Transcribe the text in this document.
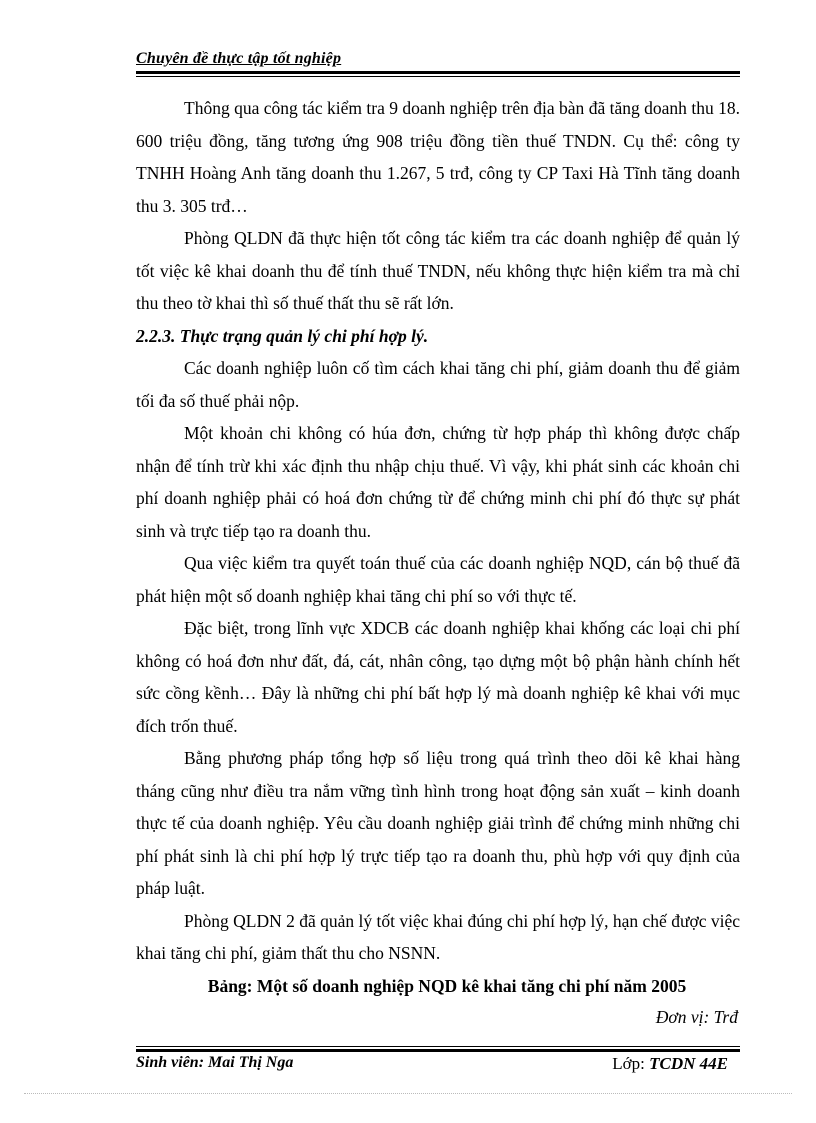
Chuyên đề thực tập tốt nghiệp

Thông qua công tác kiểm tra 9 doanh nghiệp trên địa bàn đã tăng doanh thu 18. 600 triệu đồng, tăng tương ứng 908 triệu đồng tiền thuế TNDN. Cụ thể: công ty TNHH Hoàng Anh tăng doanh thu 1.267, 5 trđ, công ty CP Taxi Hà Tĩnh tăng doanh thu 3. 305 trđ…

Phòng QLDN đã thực hiện tốt công tác kiểm tra các doanh nghiệp để quản lý tốt việc kê khai doanh thu để tính thuế TNDN, nếu không thực hiện kiểm tra mà chỉ thu theo tờ khai thì số thuế thất thu sẽ rất lớn.

2.2.3. Thực trạng quản lý chi phí hợp lý.

Các doanh nghiệp luôn cố tìm cách khai tăng chi phí, giảm doanh thu để giảm tối đa số thuế phải nộp.

Một khoản chi không có húa đơn, chứng từ hợp pháp thì không được chấp nhận để tính trừ khi xác định thu nhập chịu thuế. Vì vậy, khi phát sinh các khoản chi phí doanh nghiệp phải có hoá đơn chứng từ để chứng minh chi phí đó thực sự phát sinh và trực tiếp tạo ra doanh thu.

Qua việc kiểm tra quyết toán thuế của các doanh nghiệp NQD, cán bộ thuế đã phát hiện một số doanh nghiệp khai tăng chi phí so với thực tế.

Đặc biệt, trong lĩnh vực XDCB các doanh nghiệp khai khống các loại chi phí không có hoá đơn như đất, đá, cát, nhân công, tạo dựng một bộ phận hành chính hết sức cồng kềnh… Đây là những chi phí bất hợp lý mà doanh nghiệp kê khai với mục đích trốn thuế.

Bằng phương pháp tổng hợp số liệu trong quá trình theo dõi kê khai hàng tháng cũng như điều tra nắm vững tình hình trong hoạt động sản xuất – kinh doanh thực tế của doanh nghiệp. Yêu cầu doanh nghiệp giải trình để chứng minh những chi phí phát sinh là chi phí hợp lý trực tiếp tạo ra doanh thu, phù hợp với quy định của pháp luật.

Phòng QLDN 2 đã quản lý tốt việc khai đúng chi phí hợp lý, hạn chế được việc khai tăng chi phí, giảm thất thu cho NSNN.

Bảng: Một số doanh nghiệp NQD kê khai tăng chi phí năm 2005
Đơn vị: Trđ
Sinh viên: Mai Thị Nga	Lớp: TCDN 44E
